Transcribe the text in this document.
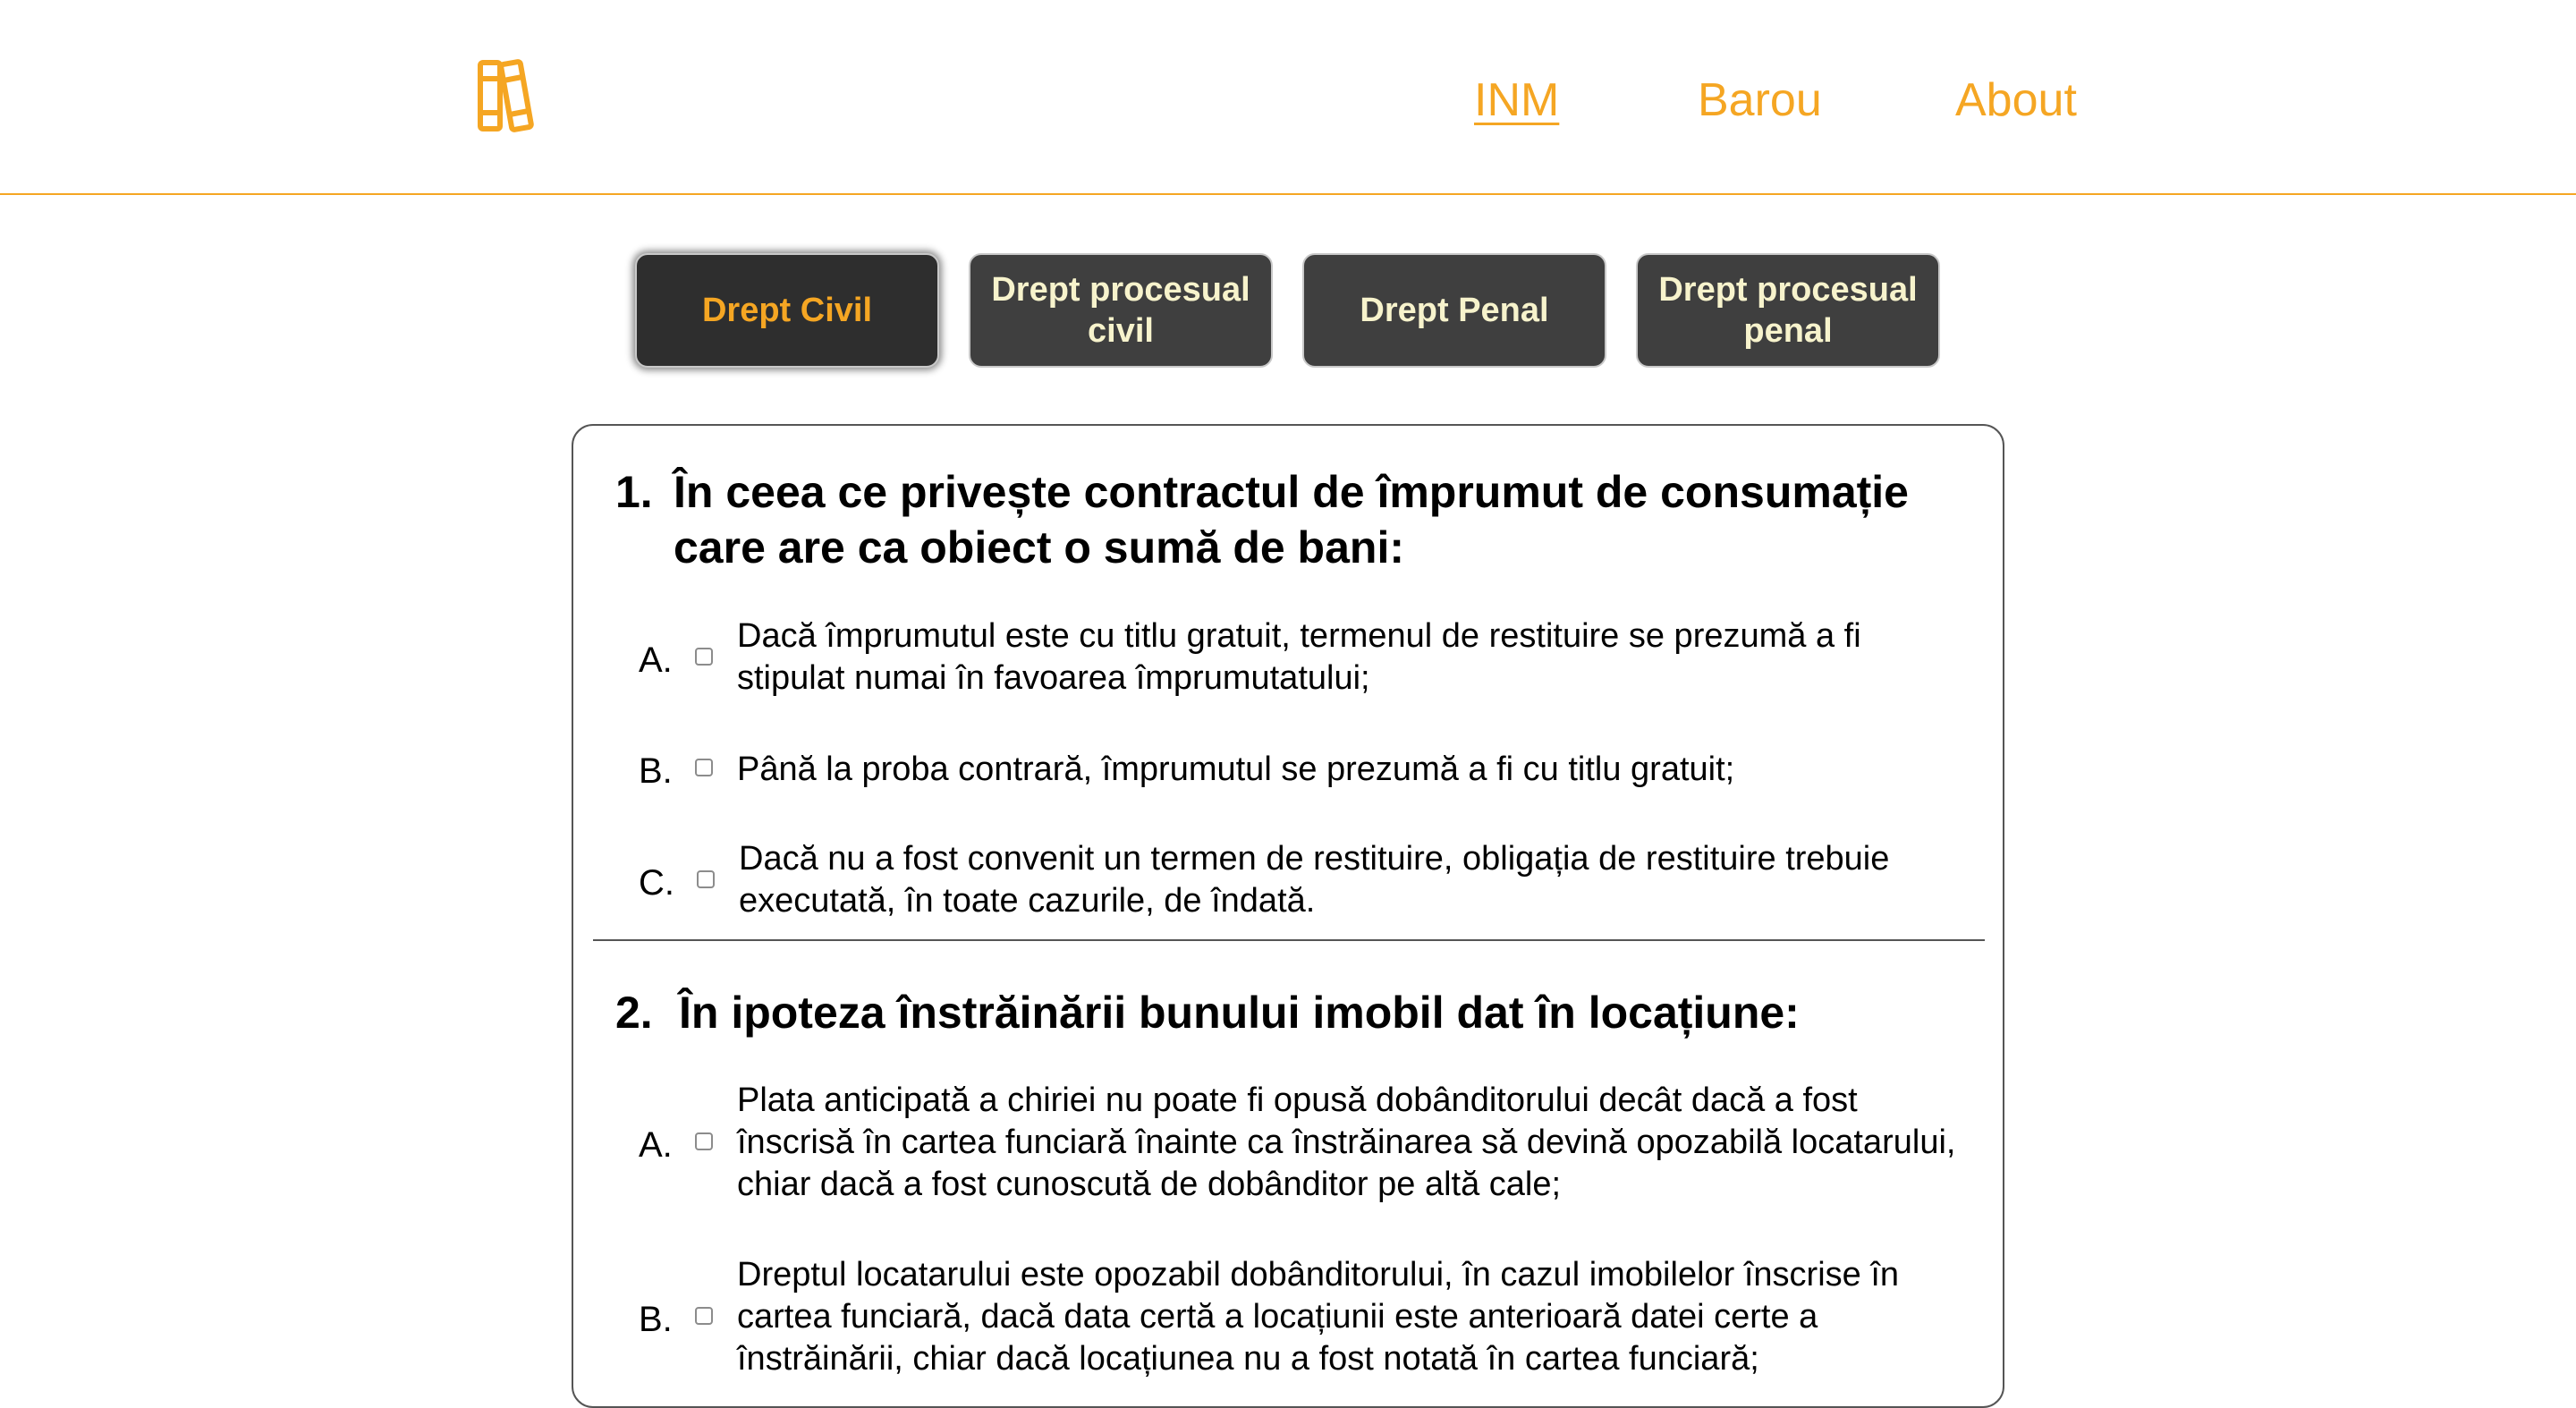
INM	Barou	About
Drept Civil
Drept procesual civil
Drept Penal
Drept procesual penal
1. În ceea ce privește contractul de împrumut de consumație care are ca obiect o sumă de bani:
A.
Dacă împrumutul este cu titlu gratuit, termenul de restituire se prezumă a fi stipulat numai în favoarea împrumutatului;
B. Până la proba contrară, împrumutul se prezumă a fi cu titlu gratuit;
C.
Dacă nu a fost convenit un termen de restituire, obligația de restituire trebuie executată, în toate cazurile, de îndată.
2. În ipoteza înstrăinării bunului imobil dat în locațiune:
A.
Plata anticipată a chiriei nu poate fi opusă dobânditorului decât dacă a fost înscrisă în cartea funciară înainte ca înstrăinarea să devină opozabilă locatarului, chiar dacă a fost cunoscută de dobânditor pe altă cale;
B.
Dreptul locatarului este opozabil dobânditorului, în cazul imobilelor înscrise în cartea funciară, dacă data certă a locațiunii este anterioară datei certe a înstrăinării, chiar dacă locațiunea nu a fost notată în cartea funciară;
